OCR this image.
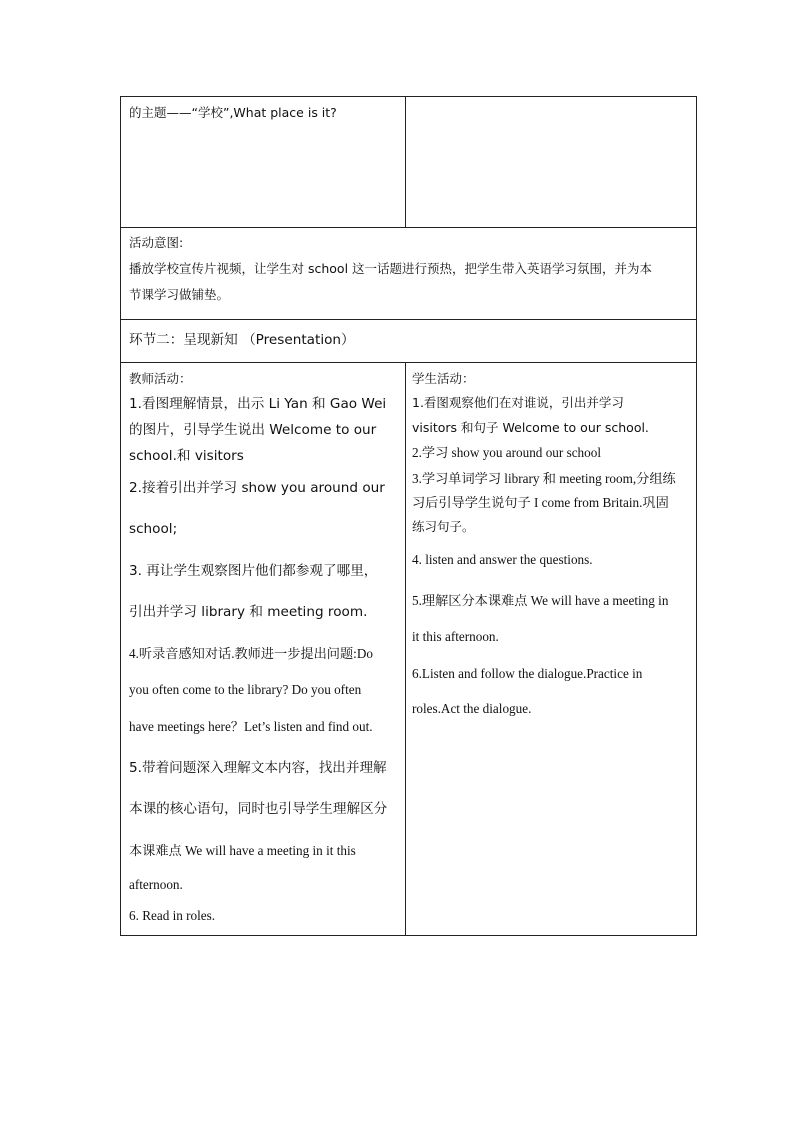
的主题——“学校”,What place is it?
活动意图:
播放学校宣传片视频，让学生对 school 这一话题进行预热，把学生带入英语学习氛围，并为本
节课学习做铺垫。
环节二：呈现新知 （Presentation）
教师活动：
1.看图理解情景，出示 Li Yan 和 Gao Wei
的图片，引导学生说出 Welcome to our
school.和 visitors
2.接着引出并学习 show you around our
school;
3. 再让学生观察图片他们都参观了哪里，
引出并学习 library 和 meeting room.
4.听录音感知对话.教师进一步提出问题:Do
you often come to the library? Do you often
have meetings here？Let’s listen and find out.
5.带着问题深入理解文本内容，找出并理解
本课的核心语句，同时也引导学生理解区分
本课难点 We will have a meeting in it this
afternoon.
6. Read in roles.
学生活动：
1.看图观察他们在对谁说，引出并学习
visitors 和句子 Welcome to our school.
2.学习 show you around our school
3.学习单词学习 library 和 meeting room,分组练
习后引导学生说句子 I come from Britain.巩固
练习句子。
4. listen and answer the questions.
5.理解区分本课难点 We will have a meeting in
it this afternoon.
6.Listen and follow the dialogue.Practice in
roles.Act the dialogue.
